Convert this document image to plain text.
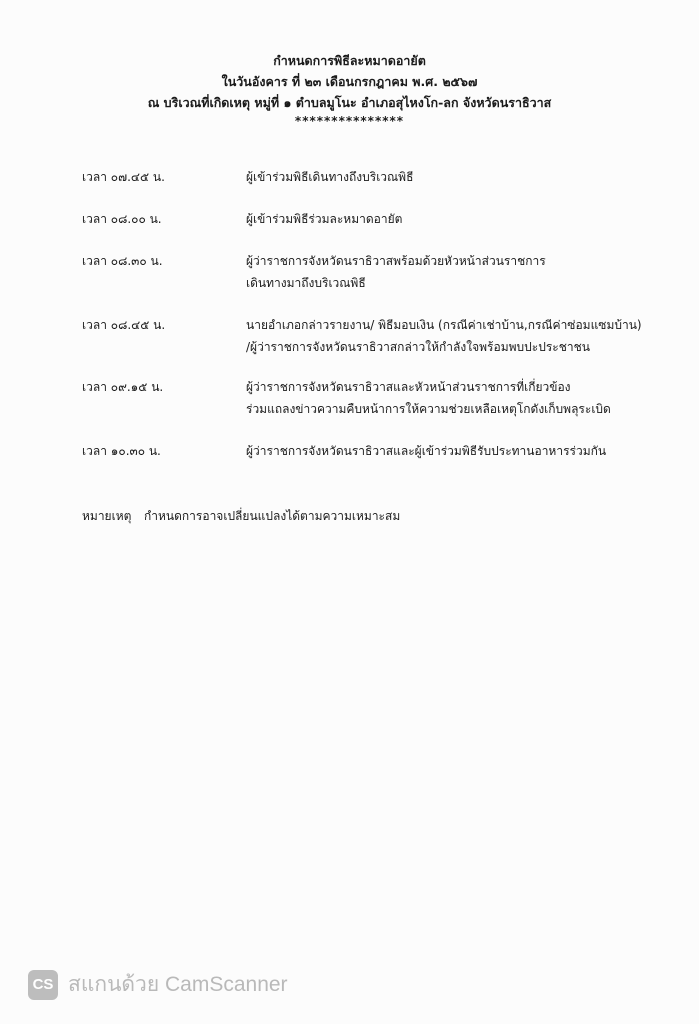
กำหนดการพิธีละหมาดอายัต
ในวันอังคาร ที่ ๒๓ เดือนกรกฎาคม พ.ศ. ๒๕๖๗
ณ บริเวณที่เกิดเหตุ หมู่ที่ ๑ ตำบลมูโนะ อำเภอสุไหงโก-ลก จังหวัดนราธิวาส
***************
เวลา ๐๗.๔๕ น.	ผู้เข้าร่วมพิธีเดินทางถึงบริเวณพิธี
เวลา ๐๘.๐๐ น.	ผู้เข้าร่วมพิธีร่วมละหมาดอายัต
เวลา ๐๘.๓๐ น.	ผู้ว่าราชการจังหวัดนราธิวาสพร้อมด้วยหัวหน้าส่วนราชการ
เดินทางมาถึงบริเวณพิธี
เวลา ๐๘.๔๕ น.	นายอำเภอกล่าวรายงาน/ พิธีมอบเงิน (กรณีค่าเช่าบ้าน,กรณีค่าซ่อมแซมบ้าน)
/ผู้ว่าราชการจังหวัดนราธิวาสกล่าวให้กำลังใจพร้อมพบปะประชาชน
เวลา ๐๙.๑๕ น.	ผู้ว่าราชการจังหวัดนราธิวาสและหัวหน้าส่วนราชการที่เกี่ยวข้อง
ร่วมแถลงข่าวความคืบหน้าการให้ความช่วยเหลือเหตุโกดังเก็บพลุระเบิด
เวลา ๑๐.๓๐ น.	ผู้ว่าราชการจังหวัดนราธิวาสและผู้เข้าร่วมพิธีรับประทานอาหารร่วมกัน
หมายเหตุ กำหนดการอาจเปลี่ยนแปลงได้ตามความเหมาะสม
CS สแกนด้วย CamScanner
